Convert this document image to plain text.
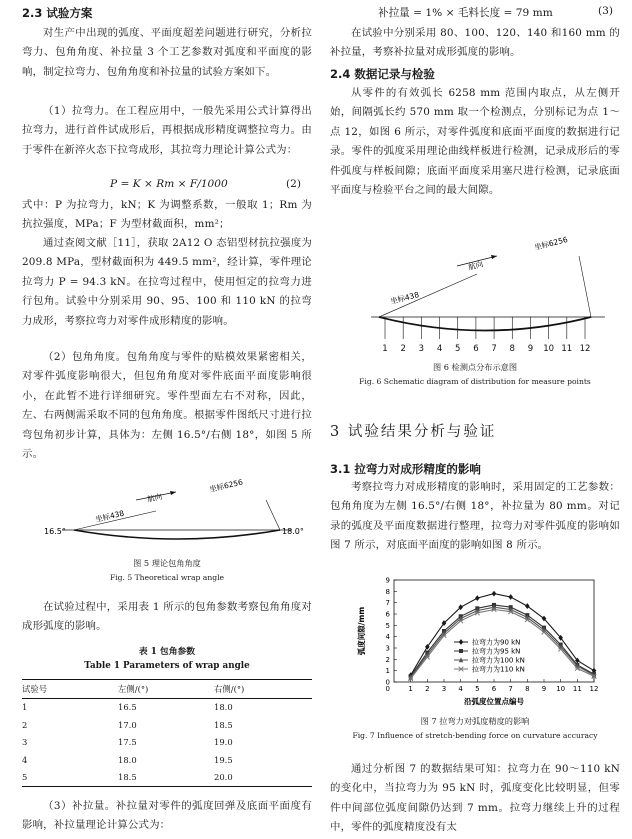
2.3 试验方案
对生产中出现的弧度、平面度超差问题进行研究，分析拉弯力、包角角度、补拉量 3 个工艺参数对弧度和平面度的影响，制定拉弯力、包角角度和补拉量的试验方案如下。
（1）拉弯力。在工程应用中，一般先采用公式计算得出拉弯力，进行首件试成形后，再根据成形精度调整拉弯力。由于零件在新淬火态下拉弯成形，其拉弯力理论计算公式为：
P = K × Rm × F/1000	(2)
式中：P 为拉弯力，kN；K 为调整系数，一般取 1；Rm 为抗拉强度，MPa；F 为型材截面积，mm²；
通过查阅文献［11］，获取 2A12 O 态铝型材抗拉强度为 209.8 MPa，型材截面积为 449.5 mm²，经计算，零件理论拉弯力 P = 94.3 kN。在拉弯过程中，使用恒定的拉弯力进行包角。试验中分别采用 90、95、100 和 110 kN 的拉弯力成形，考察拉弯力对零件成形精度的影响。
（2）包角角度。包角角度与零件的贴模效果紧密相关，对零件弧度影响很大，但包角角度对零件底面平面度影响很小，在此暂不进行详细研究。零件型面左右不对称，因此，左、右两侧需采取不同的包角角度。根据零件图纸尺寸进行拉弯包角初步计算，具体为：左侧 16.5°/右侧 18°，如图 5 所示。
16.5°	18.0°
坐标438
航向
坐标6256
图 5 理论包角角度
Fig. 5 Theoretical wrap angle
在试验过程中，采用表 1 所示的包角参数考察包角角度对成形弧度的影响。
表 1 包角参数
Table 1 Parameters of wrap angle
试验号	左侧/(°)	右侧/(°)
1	16.5	18.0
2	17.0	18.5
3	17.5	19.0
4	18.0	19.5
5	18.5	20.0
（3）补拉量。补拉量对零件的弧度回弹及底面平面度有影响，补拉量理论计算公式为：
补拉量 = 1% × 毛料长度 = 79 mm	(3)
在试验中分别采用 80、100、120、140 和160 mm 的补拉量，考察补拉量对成形弧度的影响。
2.4 数据记录与检验
从零件的有效弧长 6258 mm 范围内取点，从左侧开始，间隔弧长约 570 mm 取一个检测点，分别标记为点 1～点 12，如图 6 所示，对零件弧度和底面平面度的数据进行记录。零件的弧度采用理论曲线样板进行检测，记录成形后的零件弧度与样板间隙；底面平面度采用塞尺进行检测，记录底面平面度与检验平台之间的最大间隙。
坐标438
航向
坐标6256
1 2 3 4 5 6 7 8 9 10 11 12
图 6 检测点分布示意图
Fig. 6 Schematic diagram of distribution for measure points
3 试验结果分析与验证
3.1 拉弯力对成形精度的影响
考察拉弯力对成形精度的影响时，采用固定的工艺参数：包角角度为左侧 16.5°/右侧 18°，补拉量为 80 mm。对记录的弧度及平面度数据进行整理，拉弯力对零件弧度的影响如图 7 所示，对底面平面度的影响如图 8 所示。
0
1
2
3
4
5
6
7
8
9
0	1 2 3 4 5 6 7 8 9 10 11 12
沿弧度位置点编号
弧度间隙/mm	拉弯力为90 kN
拉弯力为95 kN
拉弯力为100 kN
拉弯力为110 kN
图 7 拉弯力对弧度精度的影响
Fig. 7 Influence of stretch-bending force on curvature accuracy
通过分析图 7 的数据结果可知：拉弯力在 90～110 kN 的变化中，当拉弯力为 95 kN 时，弧度变化比较明显，但零件中间部位弧度间隙仍达到 7 mm。拉弯力继续上升的过程中，零件的弧度精度没有太
